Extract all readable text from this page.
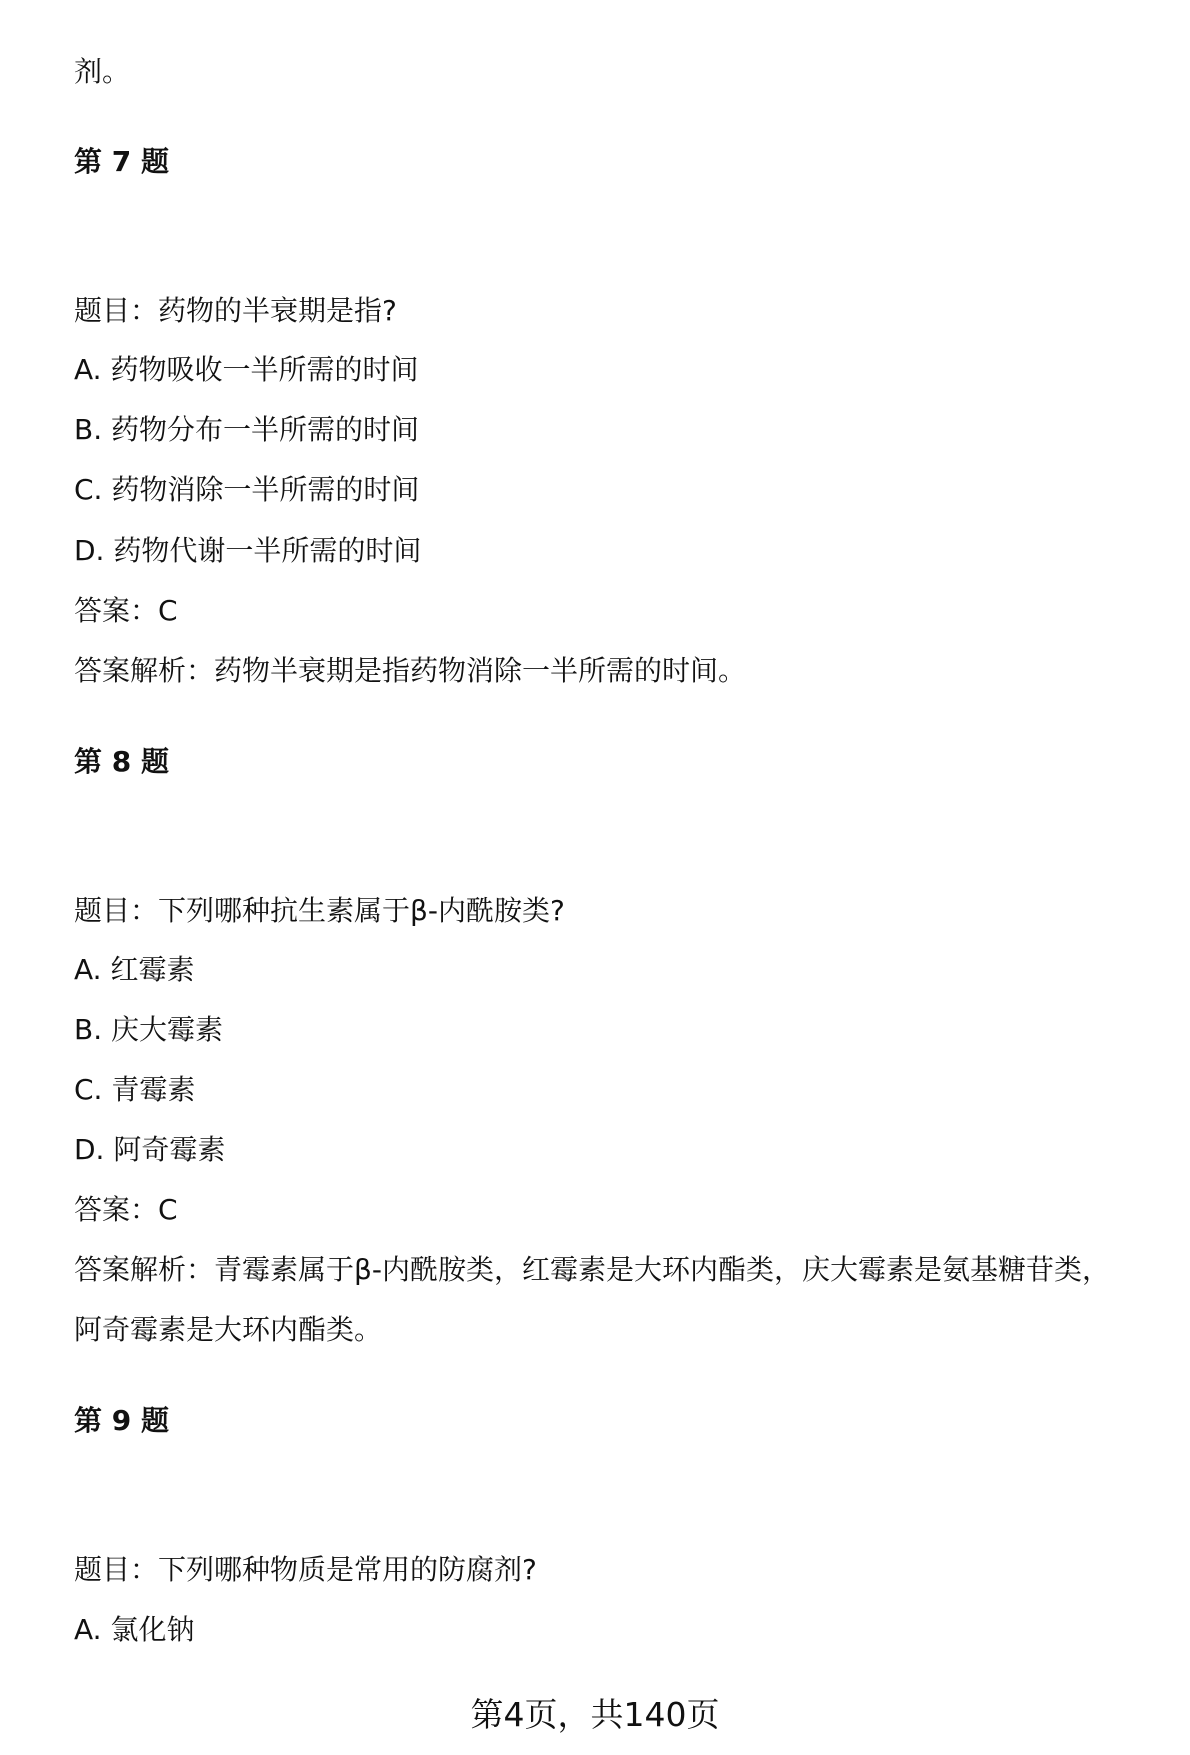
剂。
第 7 题
题目：药物的半衰期是指?
A. 药物吸收一半所需的时间
B. 药物分布一半所需的时间
C. 药物消除一半所需的时间
D. 药物代谢一半所需的时间
答案：C
答案解析：药物半衰期是指药物消除一半所需的时间。
第 8 题
题目：下列哪种抗生素属于β-内酰胺类?
A. 红霉素
B. 庆大霉素
C. 青霉素
D. 阿奇霉素
答案：C
答案解析：青霉素属于β-内酰胺类，红霉素是大环内酯类，庆大霉素是氨基糖苷类，阿奇霉素是大环内酯类。
第 9 题
题目：下列哪种物质是常用的防腐剂?
A. 氯化钠
第4页，共140页
